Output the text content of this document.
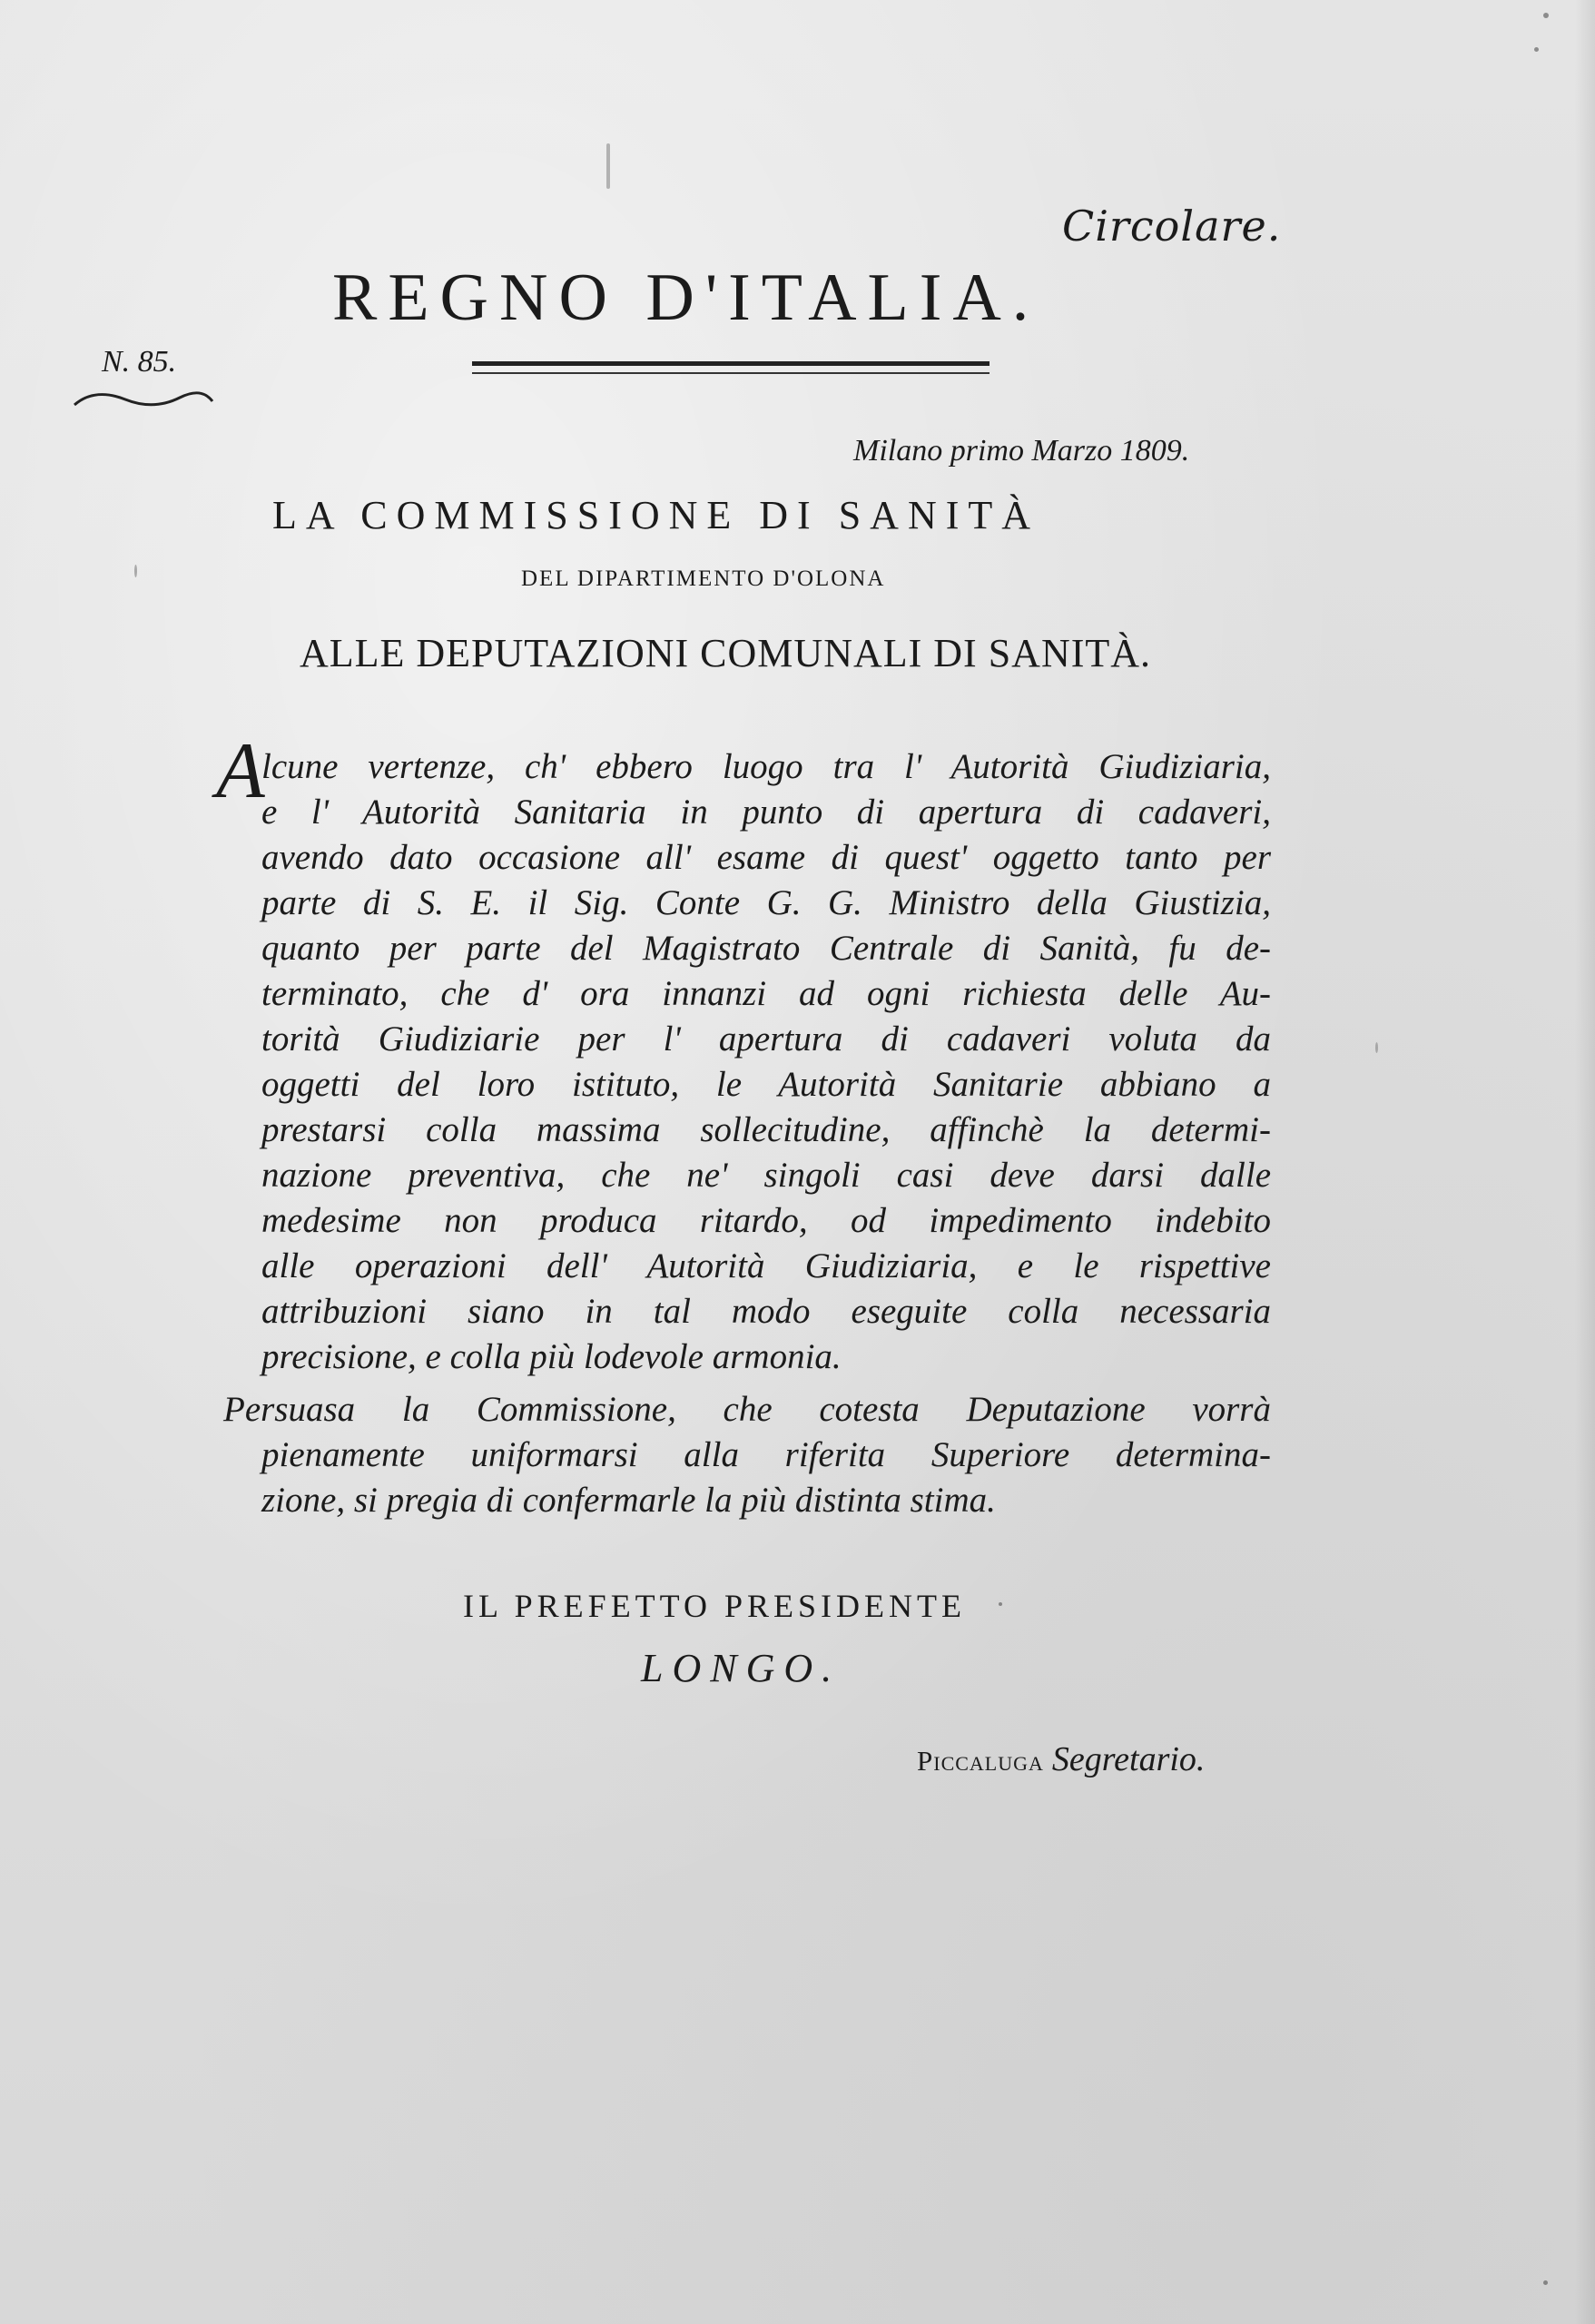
Circolare.
REGNO D'ITALIA.
N. 85.
Milano primo Marzo 1809.
LA COMMISSIONE DI SANITÀ
DEL DIPARTIMENTO D'OLONA
ALLE DEPUTAZIONI COMUNALI DI SANITÀ.
A
lcune vertenze, ch' ebbero luogo tra l' Autorità Giudiziaria,
e l' Autorità Sanitaria in punto di apertura di cadaveri,
avendo dato occasione all' esame di quest' oggetto tanto per
parte di S. E. il Sig. Conte G. G. Ministro della Giustizia,
quanto per parte del Magistrato Centrale di Sanità, fu de-
terminato, che d' ora innanzi ad ogni richiesta delle Au-
torità Giudiziarie per l' apertura di cadaveri voluta da
oggetti del loro istituto, le Autorità Sanitarie abbiano a
prestarsi colla massima sollecitudine, affinchè la determi-
nazione preventiva, che ne' singoli casi deve darsi dalle
medesime non produca ritardo, od impedimento indebito
alle operazioni dell' Autorità Giudiziaria, e le rispettive
attribuzioni siano in tal modo eseguite colla necessaria
precisione, e colla più lodevole armonia.
Persuasa la Commissione, che cotesta Deputazione vorrà
pienamente uniformarsi alla riferita Superiore determina-
zione, si pregia di confermarle la più distinta stima.
IL PREFETTO PRESIDENTE
LONGO.
Piccaluga Segretario.
